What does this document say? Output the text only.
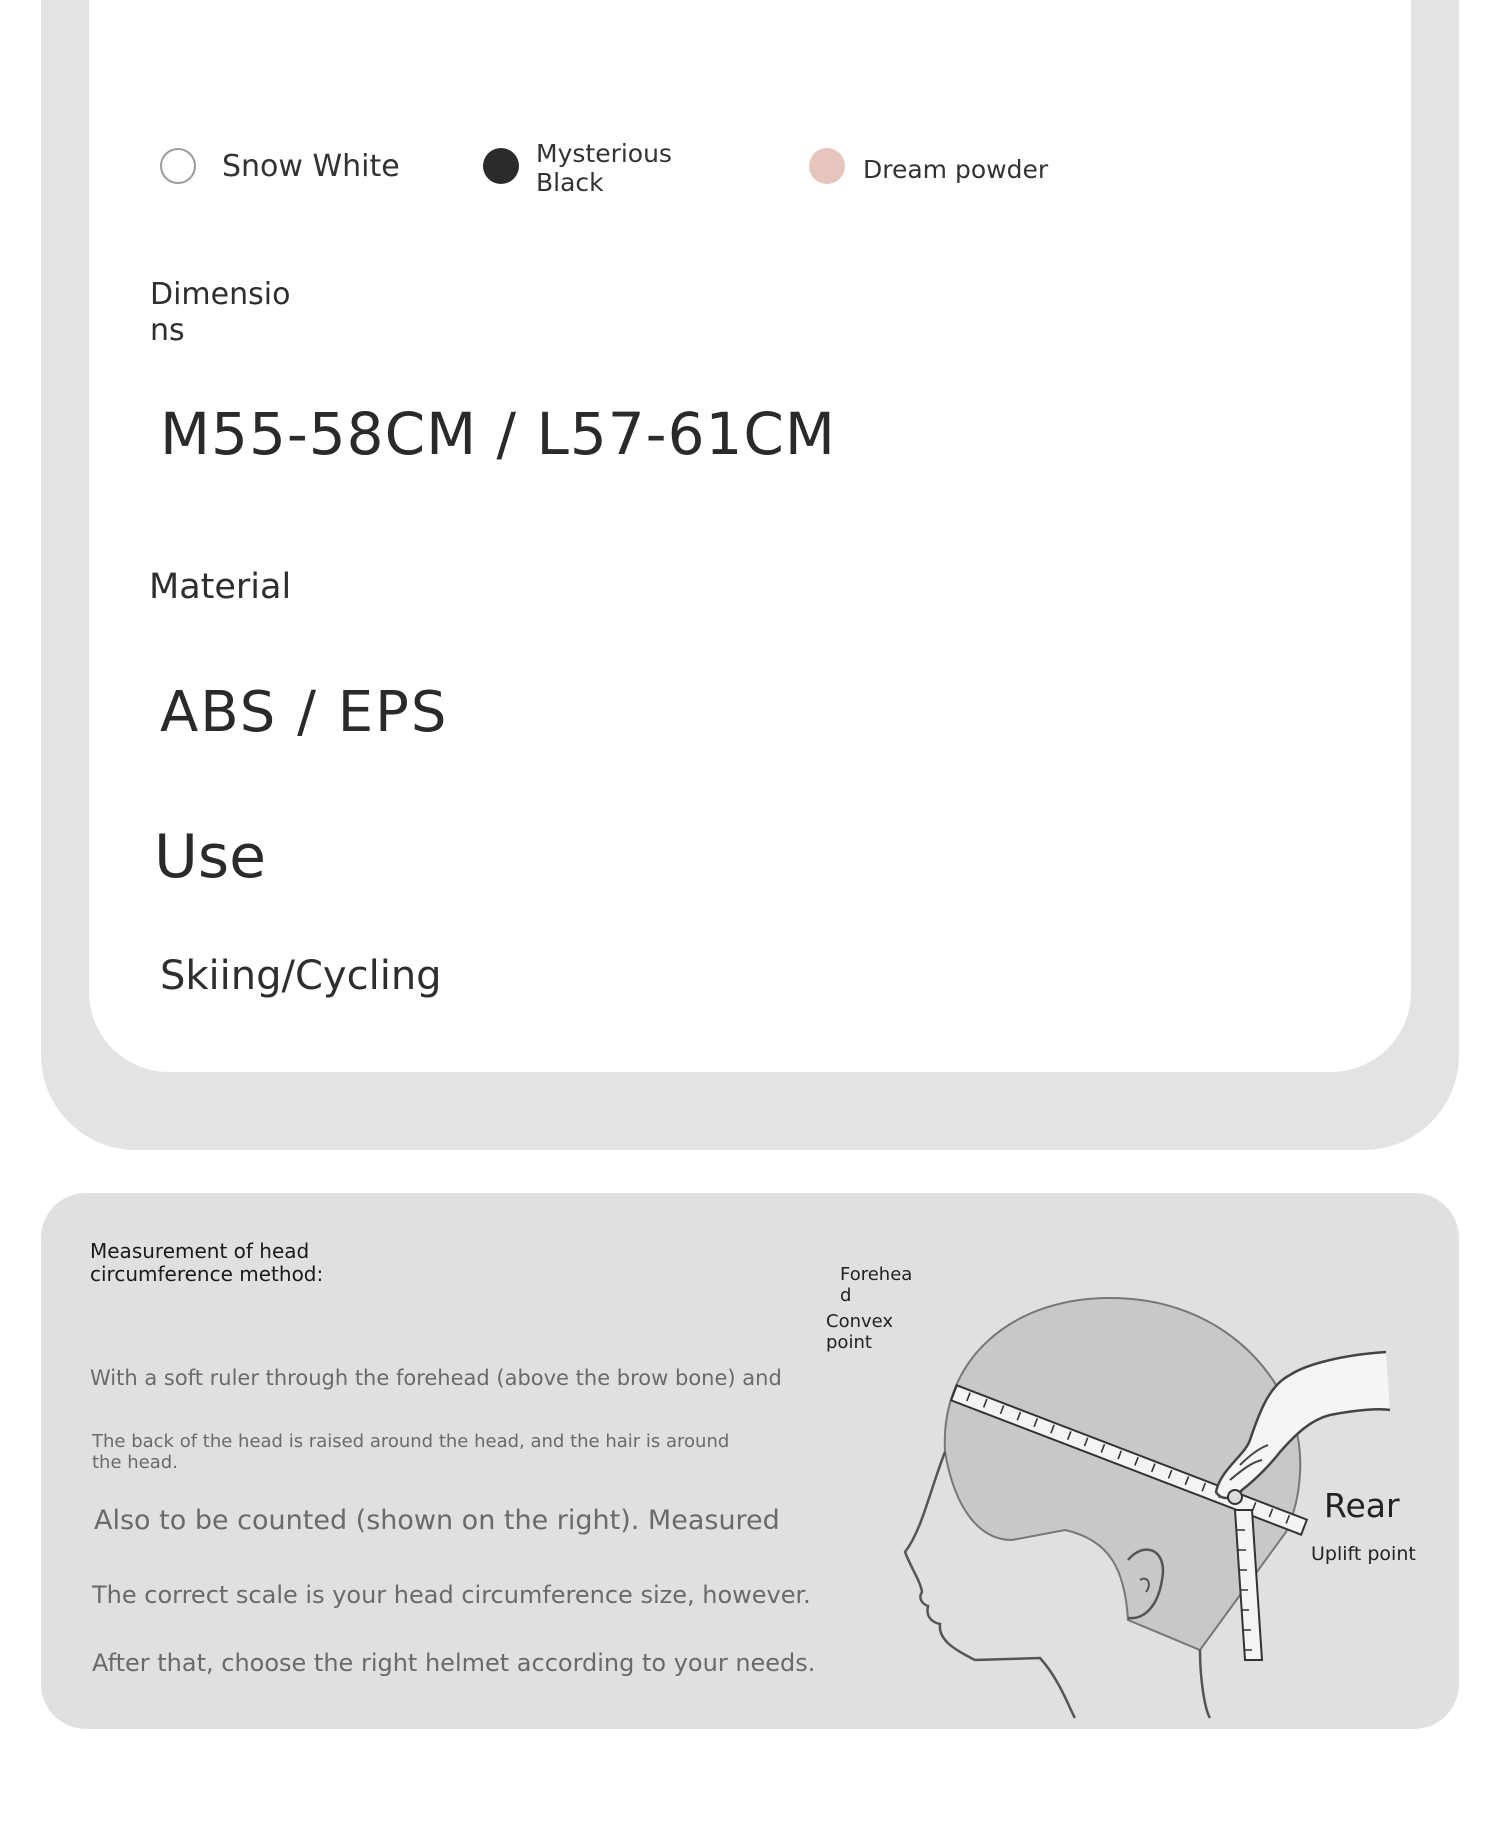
Snow White	Mysterious Black	Dream powder
Dimensions
M55-58CM / L57-61CM
Material
ABS / EPS
Use
Skiing/Cycling
Measurement of head circumference method:
With a soft ruler through the forehead (above the brow bone) and
The back of the head is raised around the head, and the hair is around the head.
Also to be counted (shown on the right). Measured
The correct scale is your head circumference size, however.
After that, choose the right helmet according to your needs.
Forehead
Convex point
Rear
Uplift point
